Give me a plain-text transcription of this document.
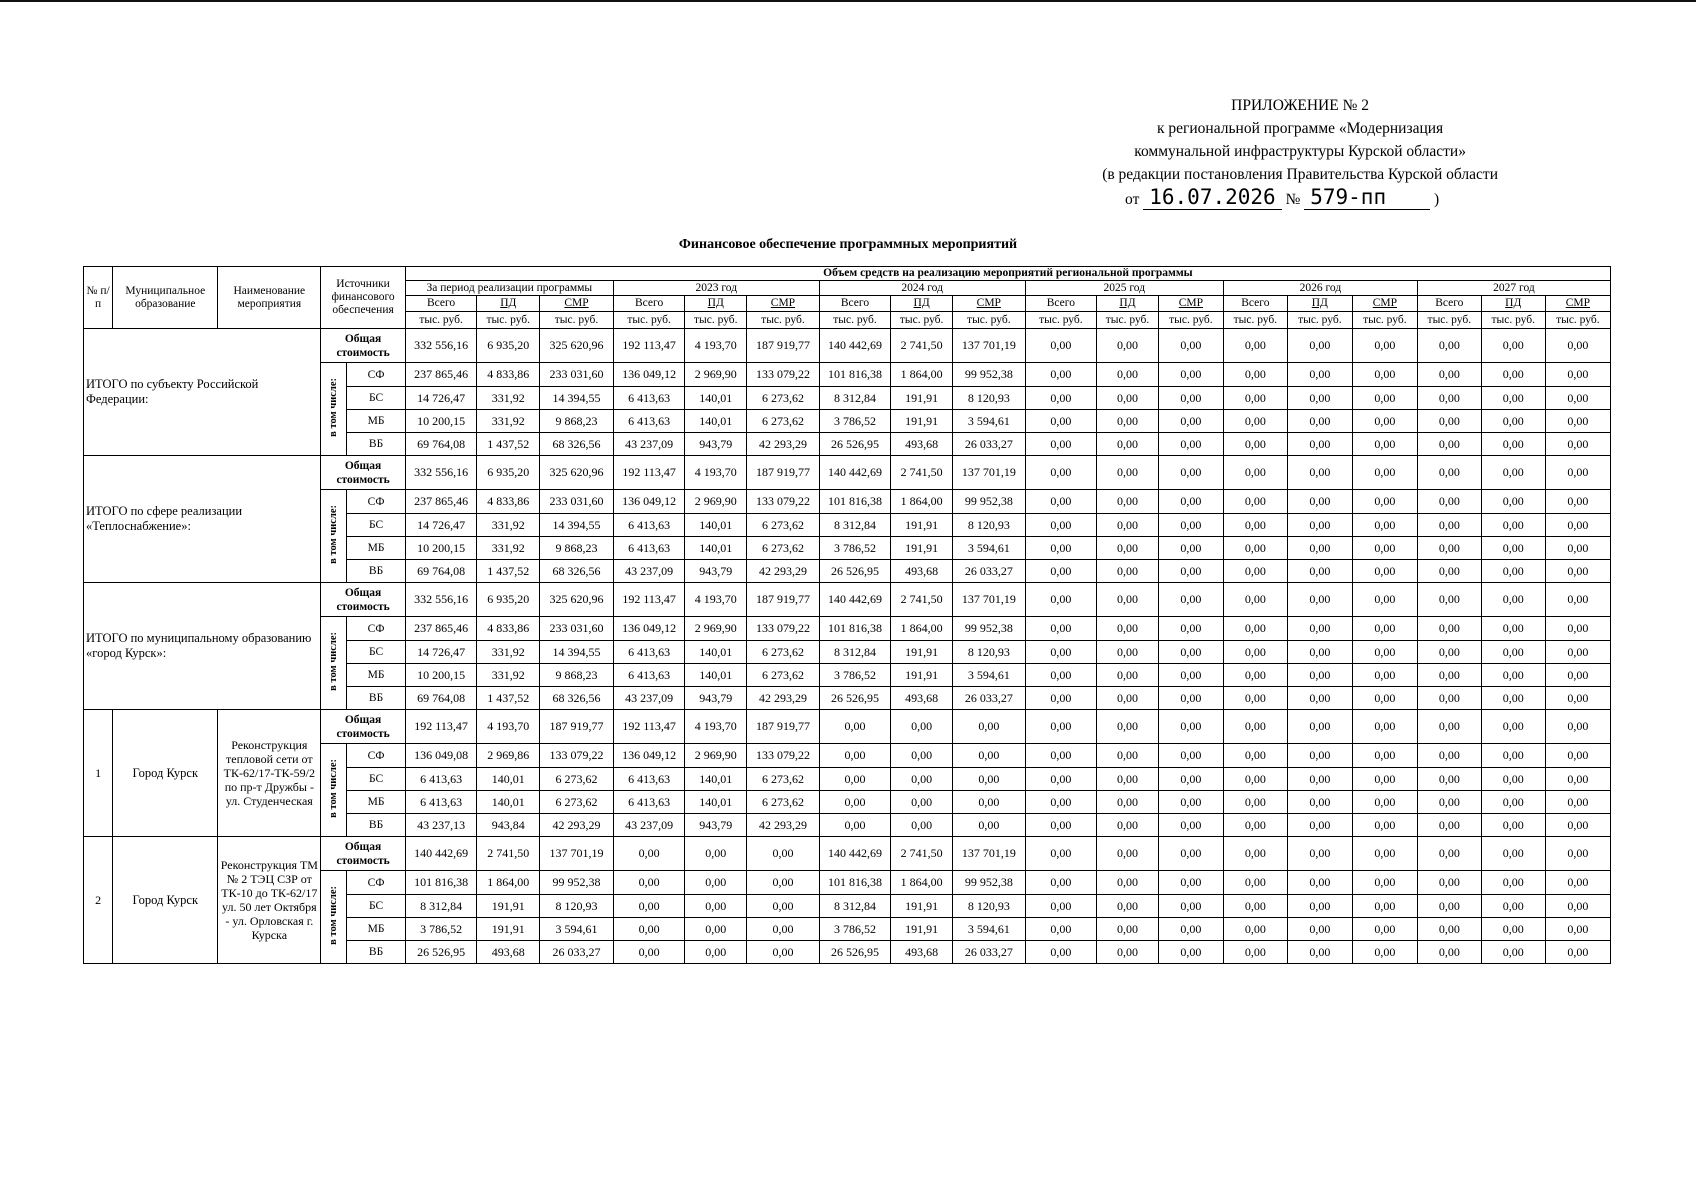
ПРИЛОЖЕНИЕ № 2
к региональной программе «Модернизация
коммунальной инфраструктуры Курской области»
(в редакции постановления Правительства Курской области
от 16.07.2026 № 579-пп	)
Финансовое обеспечение программных мероприятий
№ п/п	Муниципальное образование	Наименование мероприятия	Источники финансового обеспечения		Объем средств на реализацию мероприятий региональной программы																	
					За период реализации программы			2023 год			2024 год			2025 год			2026 год			2027 год		
					Всего	ПД	СМР	Всего	ПД	СМР	Всего	ПД	СМР	Всего	ПД	СМР	Всего	ПД	СМР	Всего	ПД	СМР
					тыс. руб.	тыс. руб.	тыс. руб.	тыс. руб.	тыс. руб.	тыс. руб.	тыс. руб.	тыс. руб.	тыс. руб.	тыс. руб.	тыс. руб.	тыс. руб.	тыс. руб.	тыс. руб.	тыс. руб.	тыс. руб.	тыс. руб.	тыс. руб.
ИТОГО по субъекту Российской Федерации:			Общая стоимость		332 556,16	6 935,20	325 620,96	192 113,47	4 193,70	187 919,77	140 442,69	2 741,50	137 701,19	0,00	0,00	0,00	0,00	0,00	0,00	0,00	0,00	0,00
			в том числе:	СФ	237 865,46	4 833,86	233 031,60	136 049,12	2 969,90	133 079,22	101 816,38	1 864,00	99 952,38	0,00	0,00	0,00	0,00	0,00	0,00	0,00	0,00	0,00
				БС	14 726,47	331,92	14 394,55	6 413,63	140,01	6 273,62	8 312,84	191,91	8 120,93	0,00	0,00	0,00	0,00	0,00	0,00	0,00	0,00	0,00
				МБ	10 200,15	331,92	9 868,23	6 413,63	140,01	6 273,62	3 786,52	191,91	3 594,61	0,00	0,00	0,00	0,00	0,00	0,00	0,00	0,00	0,00
				ВБ	69 764,08	1 437,52	68 326,56	43 237,09	943,79	42 293,29	26 526,95	493,68	26 033,27	0,00	0,00	0,00	0,00	0,00	0,00	0,00	0,00	0,00
ИТОГО по сфере реализации «Теплоснабжение»:			Общая стоимость		332 556,16	6 935,20	325 620,96	192 113,47	4 193,70	187 919,77	140 442,69	2 741,50	137 701,19	0,00	0,00	0,00	0,00	0,00	0,00	0,00	0,00	0,00
			в том числе:	СФ	237 865,46	4 833,86	233 031,60	136 049,12	2 969,90	133 079,22	101 816,38	1 864,00	99 952,38	0,00	0,00	0,00	0,00	0,00	0,00	0,00	0,00	0,00
				БС	14 726,47	331,92	14 394,55	6 413,63	140,01	6 273,62	8 312,84	191,91	8 120,93	0,00	0,00	0,00	0,00	0,00	0,00	0,00	0,00	0,00
				МБ	10 200,15	331,92	9 868,23	6 413,63	140,01	6 273,62	3 786,52	191,91	3 594,61	0,00	0,00	0,00	0,00	0,00	0,00	0,00	0,00	0,00
				ВБ	69 764,08	1 437,52	68 326,56	43 237,09	943,79	42 293,29	26 526,95	493,68	26 033,27	0,00	0,00	0,00	0,00	0,00	0,00	0,00	0,00	0,00
ИТОГО по муниципальному образованию «город Курск»:			Общая стоимость		332 556,16	6 935,20	325 620,96	192 113,47	4 193,70	187 919,77	140 442,69	2 741,50	137 701,19	0,00	0,00	0,00	0,00	0,00	0,00	0,00	0,00	0,00
			в том числе:	СФ	237 865,46	4 833,86	233 031,60	136 049,12	2 969,90	133 079,22	101 816,38	1 864,00	99 952,38	0,00	0,00	0,00	0,00	0,00	0,00	0,00	0,00	0,00
				БС	14 726,47	331,92	14 394,55	6 413,63	140,01	6 273,62	8 312,84	191,91	8 120,93	0,00	0,00	0,00	0,00	0,00	0,00	0,00	0,00	0,00
				МБ	10 200,15	331,92	9 868,23	6 413,63	140,01	6 273,62	3 786,52	191,91	3 594,61	0,00	0,00	0,00	0,00	0,00	0,00	0,00	0,00	0,00
				ВБ	69 764,08	1 437,52	68 326,56	43 237,09	943,79	42 293,29	26 526,95	493,68	26 033,27	0,00	0,00	0,00	0,00	0,00	0,00	0,00	0,00	0,00
1	Город Курск	Реконструкция тепловой сети от ТК-62/17-ТК-59/2 по пр-т Дружбы - ул. Студенческая	Общая стоимость		192 113,47	4 193,70	187 919,77	192 113,47	4 193,70	187 919,77	0,00	0,00	0,00	0,00	0,00	0,00	0,00	0,00	0,00	0,00	0,00	0,00
			в том числе:	СФ	136 049,08	2 969,86	133 079,22	136 049,12	2 969,90	133 079,22	0,00	0,00	0,00	0,00	0,00	0,00	0,00	0,00	0,00	0,00	0,00	0,00
				БС	6 413,63	140,01	6 273,62	6 413,63	140,01	6 273,62	0,00	0,00	0,00	0,00	0,00	0,00	0,00	0,00	0,00	0,00	0,00	0,00
				МБ	6 413,63	140,01	6 273,62	6 413,63	140,01	6 273,62	0,00	0,00	0,00	0,00	0,00	0,00	0,00	0,00	0,00	0,00	0,00	0,00
				ВБ	43 237,13	943,84	42 293,29	43 237,09	943,79	42 293,29	0,00	0,00	0,00	0,00	0,00	0,00	0,00	0,00	0,00	0,00	0,00	0,00
2	Город Курск	Реконструкция ТМ № 2 ТЭЦ СЗР от ТК-10 до ТК-62/17 ул. 50 лет Октября - ул. Орловская г. Курска	Общая стоимость		140 442,69	2 741,50	137 701,19	0,00	0,00	0,00	140 442,69	2 741,50	137 701,19	0,00	0,00	0,00	0,00	0,00	0,00	0,00	0,00	0,00
			в том числе:	СФ	101 816,38	1 864,00	99 952,38	0,00	0,00	0,00	101 816,38	1 864,00	99 952,38	0,00	0,00	0,00	0,00	0,00	0,00	0,00	0,00	0,00
				БС	8 312,84	191,91	8 120,93	0,00	0,00	0,00	8 312,84	191,91	8 120,93	0,00	0,00	0,00	0,00	0,00	0,00	0,00	0,00	0,00
				МБ	3 786,52	191,91	3 594,61	0,00	0,00	0,00	3 786,52	191,91	3 594,61	0,00	0,00	0,00	0,00	0,00	0,00	0,00	0,00	0,00
				ВБ	26 526,95	493,68	26 033,27	0,00	0,00	0,00	26 526,95	493,68	26 033,27	0,00	0,00	0,00	0,00	0,00	0,00	0,00	0,00	0,00
